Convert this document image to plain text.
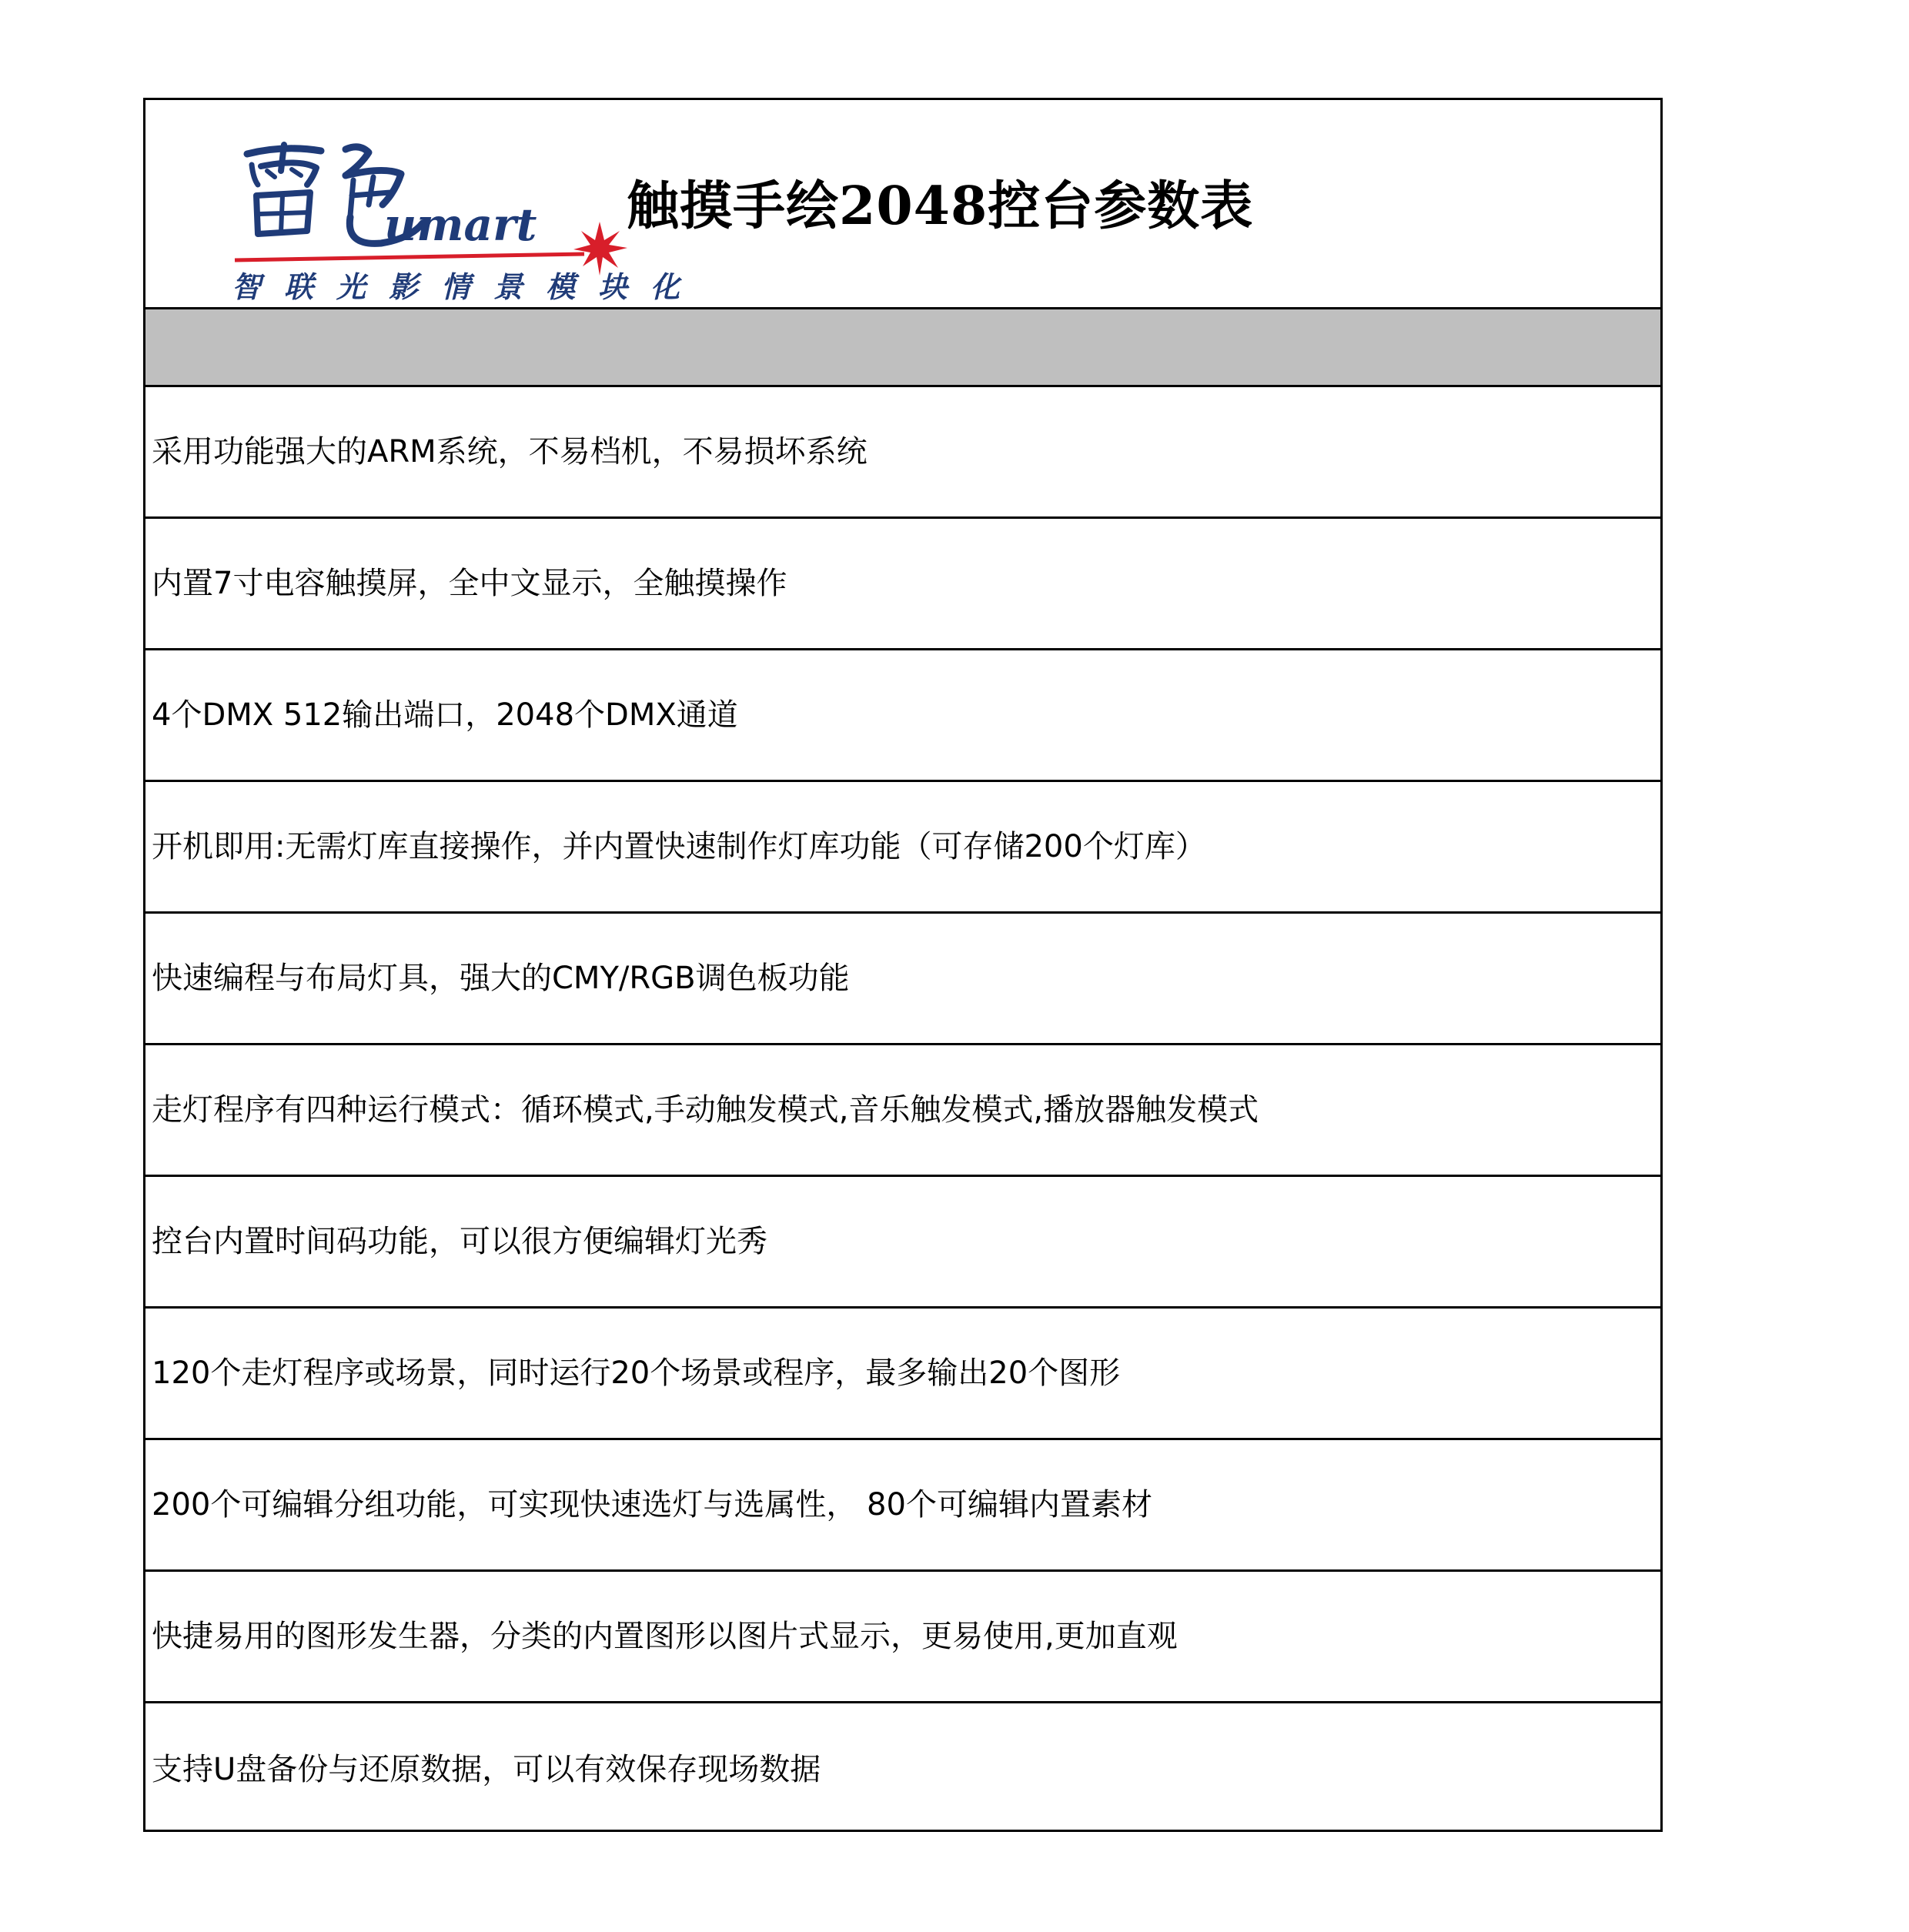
umart
智联光影情景模块化
触摸手绘2048控台参数表
采用功能强大的ARM系统，不易档机，不易损坏系统
内置7寸电容触摸屏，全中文显示，全触摸操作
4个DMX 512输出端口，2048个DMX通道
开机即用:无需灯库直接操作，并内置快速制作灯库功能（可存储200个灯库）
快速编程与布局灯具，强大的CMY/RGB调色板功能
走灯程序有四种运行模式：循环模式,手动触发模式,音乐触发模式,播放器触发模式
控台内置时间码功能，可以很方便编辑灯光秀
120个走灯程序或场景，同时运行20个场景或程序，最多输出20个图形
200个可编辑分组功能，可实现快速选灯与选属性， 80个可编辑内置素材
快捷易用的图形发生器，分类的内置图形以图片式显示，更易使用,更加直观
支持U盘备份与还原数据，可以有效保存现场数据
